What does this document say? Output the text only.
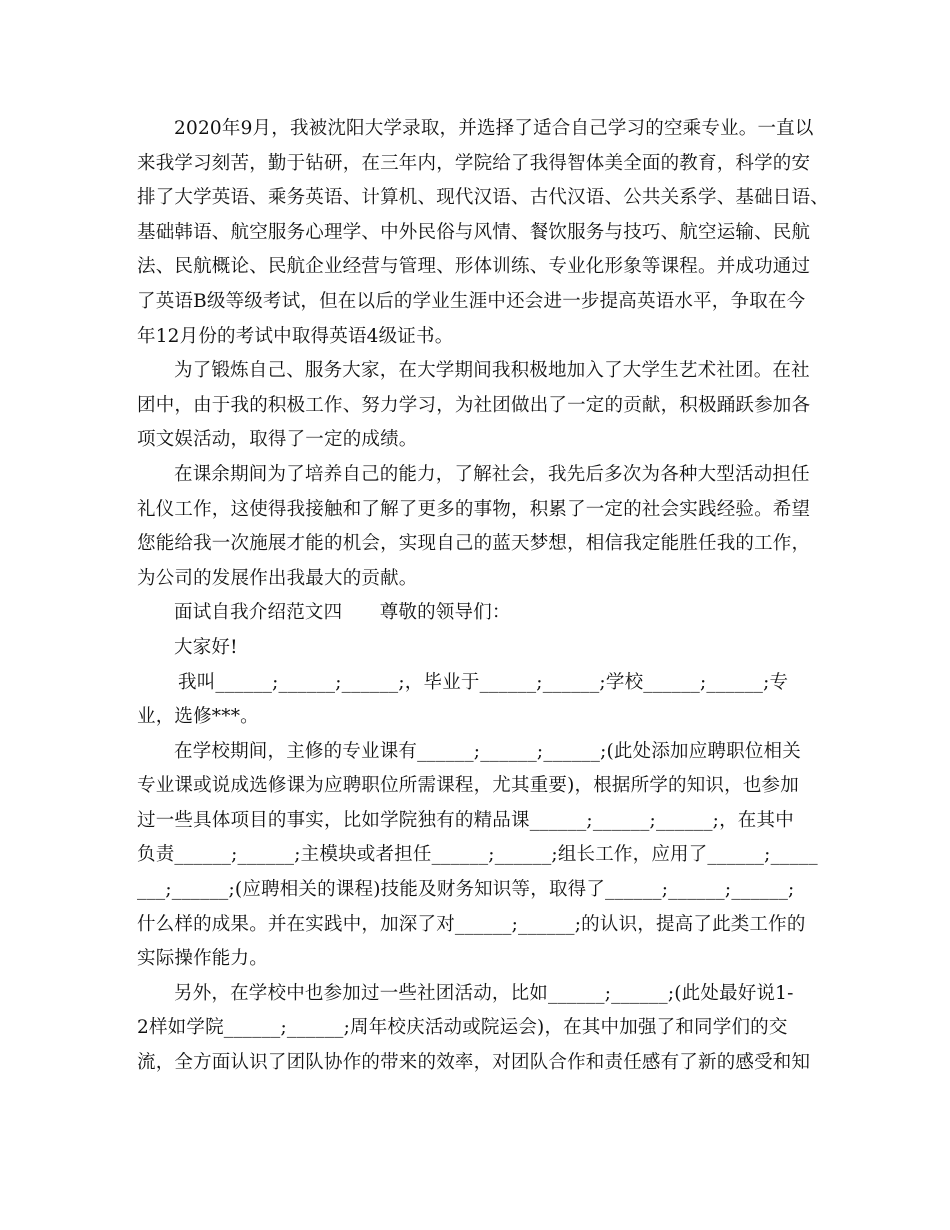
2020年9月，我被沈阳大学录取，并选择了适合自己学习的空乘专业。一直以
来我学习刻苦，勤于钻研，在三年内，学院给了我得智体美全面的教育，科学的安
排了大学英语、乘务英语、计算机、现代汉语、古代汉语、公共关系学、基础日语、
基础韩语、航空服务心理学、中外民俗与风情、餐饮服务与技巧、航空运输、民航
法、民航概论、民航企业经营与管理、形体训练、专业化形象等课程。并成功通过
了英语B级等级考试，但在以后的学业生涯中还会进一步提高英语水平，争取在今
年12月份的考试中取得英语4级证书。
为了锻炼自己、服务大家，在大学期间我积极地加入了大学生艺术社团。在社
团中，由于我的积极工作、努力学习，为社团做出了一定的贡献，积极踊跃参加各
项文娱活动，取得了一定的成绩。
在课余期间为了培养自己的能力，了解社会，我先后多次为各种大型活动担任
礼仪工作，这使得我接触和了解了更多的事物，积累了一定的社会实践经验。希望
您能给我一次施展才能的机会，实现自己的蓝天梦想，相信我定能胜任我的工作，
为公司的发展作出我最大的贡献。
面试自我介绍范文四　　尊敬的领导们：
大家好!
我叫______;______;______;，毕业于______;______;学校______;______;专
业，选修***。
在学校期间，主修的专业课有______;______;______;(此处添加应聘职位相关
专业课或说成选修课为应聘职位所需课程，尤其重要)，根据所学的知识，也参加
过一些具体项目的事实，比如学院独有的精品课______;______;______;，在其中
负责______;______;主模块或者担任______;______;组长工作，应用了______;_____
___;______;(应聘相关的课程)技能及财务知识等，取得了______;______;______;
什么样的成果。并在实践中，加深了对______;______;的认识，提高了此类工作的
实际操作能力。
另外，在学校中也参加过一些社团活动，比如______;______;(此处最好说1-
2样如学院______;______;周年校庆活动或院运会)，在其中加强了和同学们的交
流，全方面认识了团队协作的带来的效率，对团队合作和责任感有了新的感受和知
